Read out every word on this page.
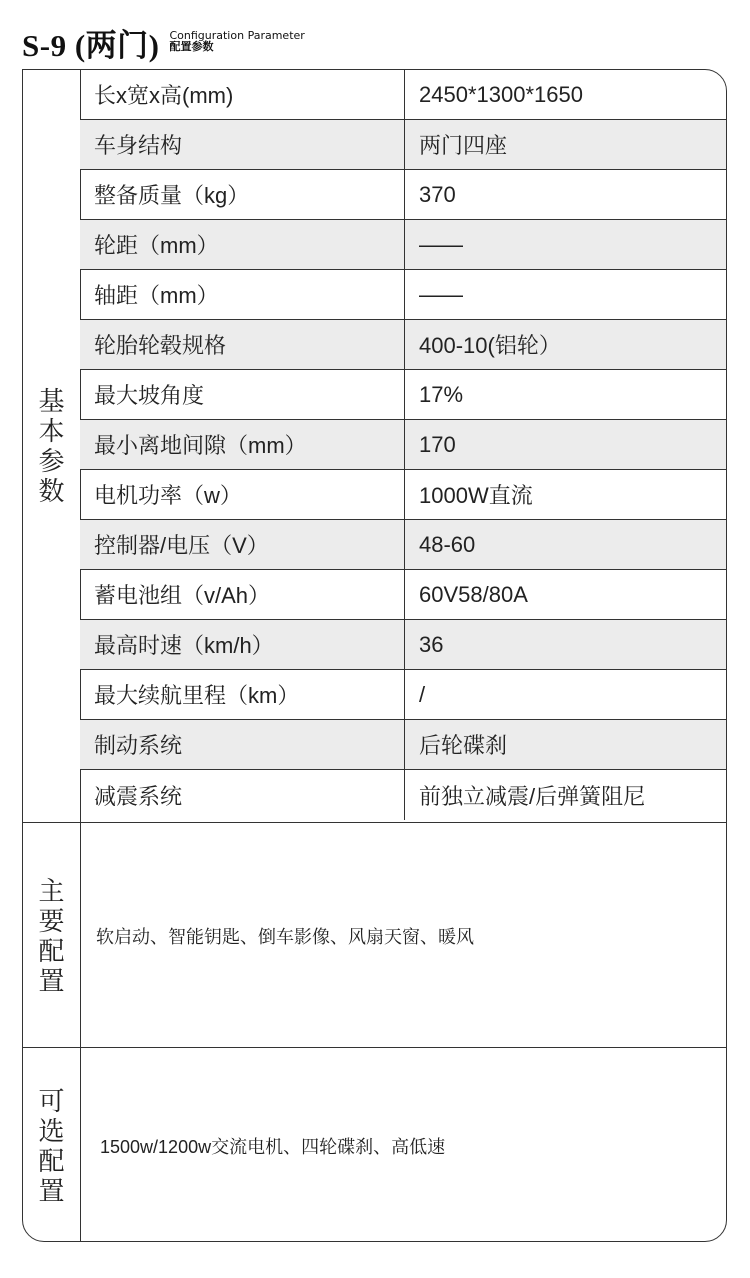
S-9 (两门) Configuration Parameter
配置参数
基本参数
长x宽x高(mm)	2450*1300*1650
车身结构	两门四座
整备质量（kg）	370
轮距（mm）	——
轴距（mm）	——
轮胎轮毂规格	400-10(铝轮）
最大坡角度	17%
最小离地间隙（mm）	170
电机功率（w）	1000W直流
控制器/电压（V）	48-60
蓄电池组（v/Ah）	60V58/80A
最高时速（km/h）	36
最大续航里程（km）	/
制动系统	后轮碟刹
减震系统	前独立减震/后弹簧阻尼
主要配置
软启动、智能钥匙、倒车影像、风扇天窗、暖风
可选配置
1500w/1200w交流电机、四轮碟刹、高低速
